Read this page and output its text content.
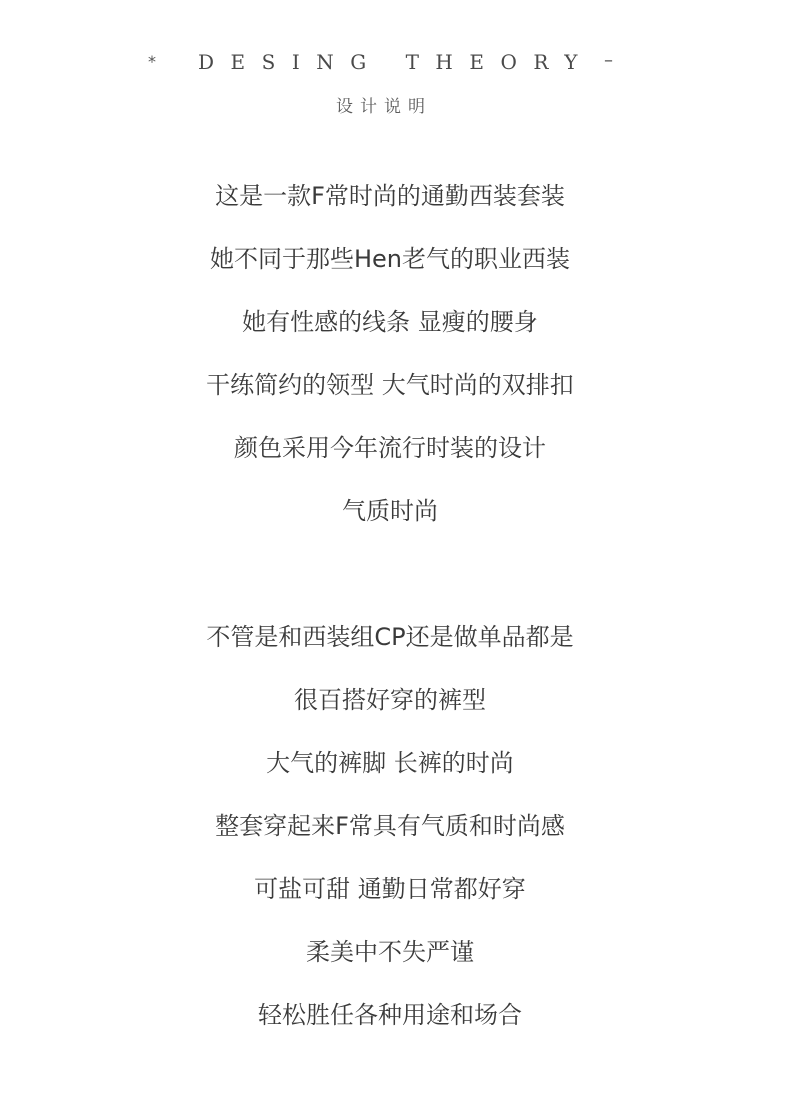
* DESING THEORY –
设计说明
这是一款F常时尚的通勤西装套装
她不同于那些Hen老气的职业西装
她有性感的线条 显瘦的腰身
干练简约的领型 大气时尚的双排扣
颜色采用今年流行时装的设计
气质时尚
不管是和西装组CP还是做单品都是
很百搭好穿的裤型
大气的裤脚 长裤的时尚
整套穿起来F常具有气质和时尚感
可盐可甜 通勤日常都好穿
柔美中不失严谨
轻松胜任各种用途和场合
